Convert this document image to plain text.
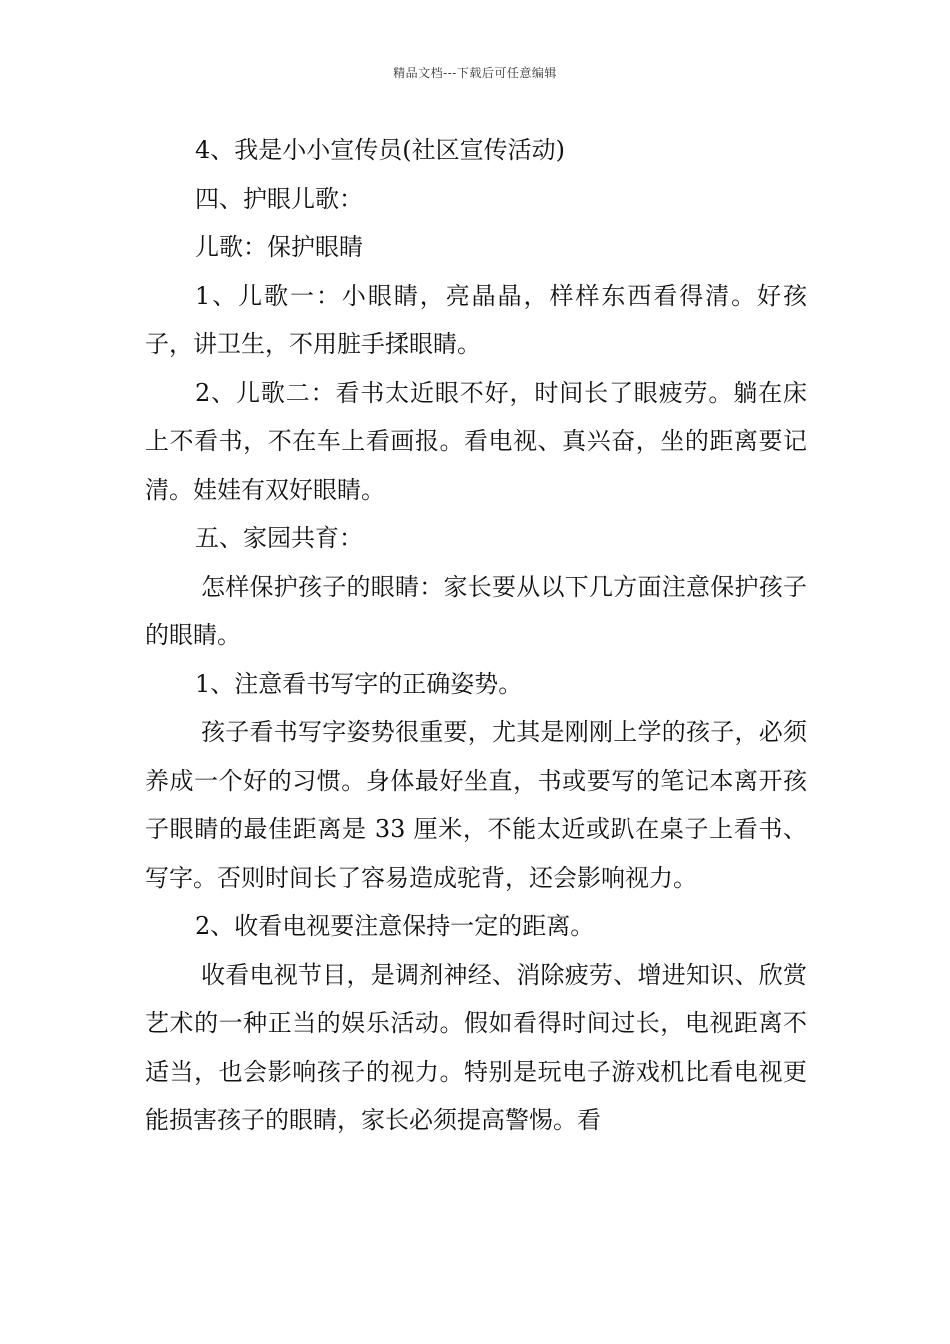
精品文档---下载后可任意编辑

4、我是小小宣传员(社区宣传活动)

四、护眼儿歌：

儿歌：保护眼睛

1、儿歌一：小眼睛，亮晶晶，样样东西看得清。好孩子，讲卫生，不用脏手揉眼睛。

2、儿歌二：看书太近眼不好，时间长了眼疲劳。躺在床上不看书，不在车上看画报。看电视、真兴奋，坐的距离要记清。娃娃有双好眼睛。

五、家园共育：

怎样保护孩子的眼睛：家长要从以下几方面注意保护孩子的眼睛。

1、注意看书写字的正确姿势。

孩子看书写字姿势很重要，尤其是刚刚上学的孩子，必须养成一个好的习惯。身体最好坐直，书或要写的笔记本离开孩子眼睛的最佳距离是 33 厘米，不能太近或趴在桌子上看书、写字。否则时间长了容易造成驼背，还会影响视力。

2、收看电视要注意保持一定的距离。

收看电视节目，是调剂神经、消除疲劳、增进知识、欣赏艺术的一种正当的娱乐活动。假如看得时间过长，电视距离不适当，也会影响孩子的视力。特别是玩电子游戏机比看电视更能损害孩子的眼睛，家长必须提高警惕。看
